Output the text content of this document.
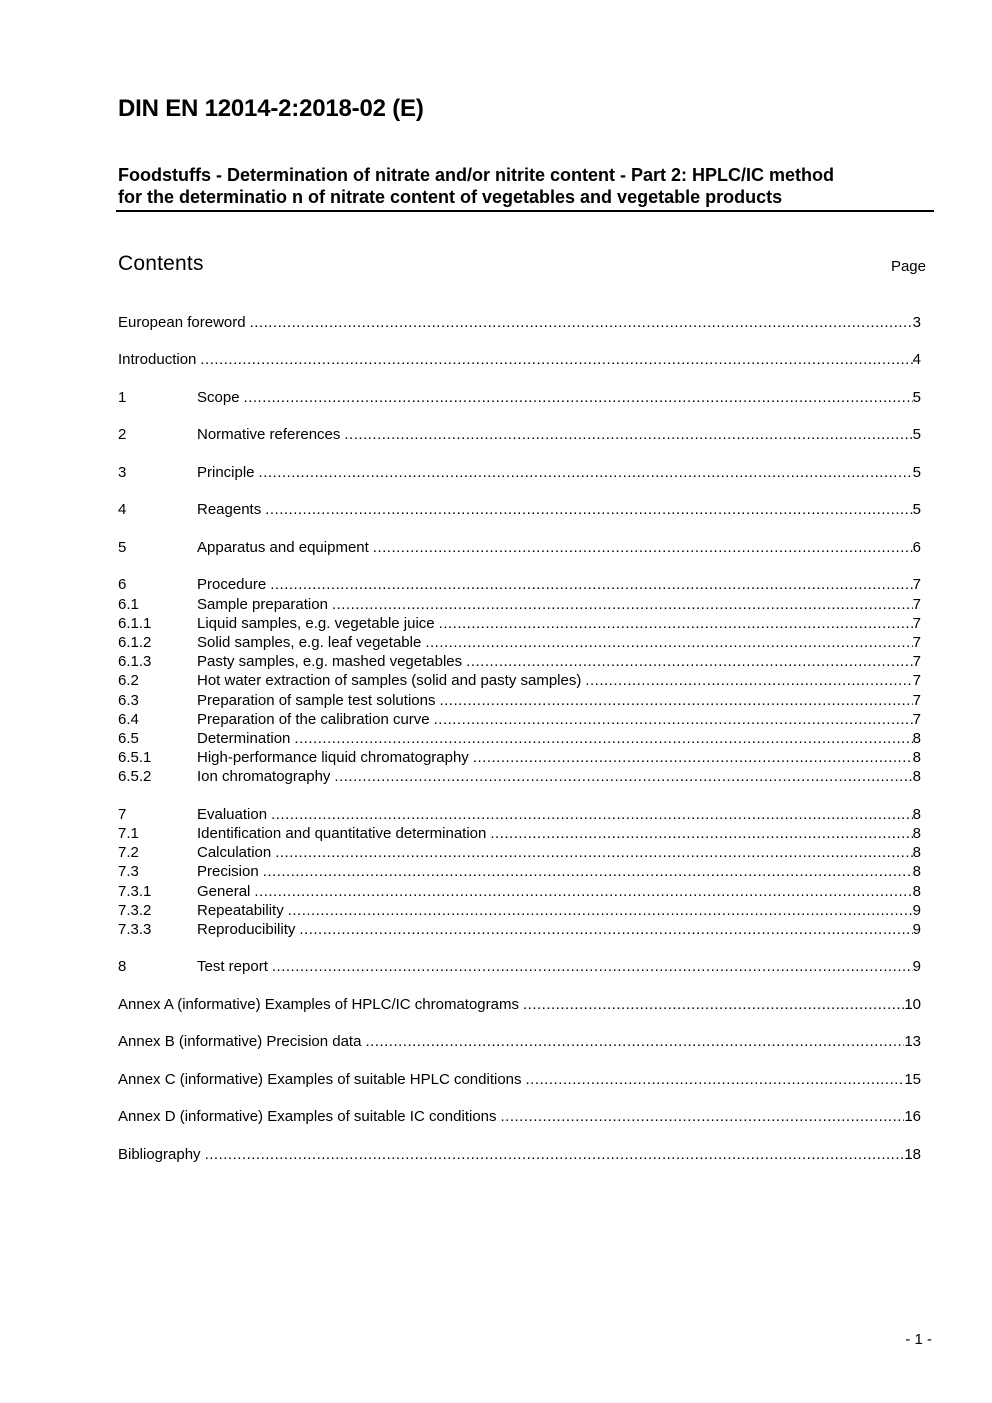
DIN EN 12014-2:2018-02 (E)
Foodstuffs - Determination of nitrate and/or nitrite content - Part 2: HPLC/IC method
for the determinatio n of nitrate content of vegetables and vegetable products
Contents	Page
European foreword .....	3
Introduction .....	4
1	Scope .....	5
2	Normative references .....	5
3	Principle .....	5
4	Reagents .....	5
5	Apparatus and equipment .....	6
6	Procedure .....	7
6.1	Sample preparation .....	7
6.1.1	Liquid samples, e.g. vegetable juice .....	7
6.1.2	Solid samples, e.g. leaf vegetable .....	7
6.1.3	Pasty samples, e.g. mashed vegetables .....	7
6.2	Hot water extraction of samples (solid and pasty samples) .....	7
6.3	Preparation of sample test solutions .....	7
6.4	Preparation of the calibration curve .....	7
6.5	Determination .....	8
6.5.1	High-performance liquid chromatography .....	8
6.5.2	Ion chromatography .....	8
7	Evaluation .....	8
7.1	Identification and quantitative determination .....	8
7.2	Calculation .....	8
7.3	Precision .....	8
7.3.1	General .....	8
7.3.2	Repeatability .....	9
7.3.3	Reproducibility .....	9
8	Test report .....	9
Annex A (informative) Examples of HPLC/IC chromatograms .....	10
Annex B (informative) Precision data .....	13
Annex C (informative) Examples of suitable HPLC conditions .....	15
Annex D (informative) Examples of suitable IC conditions .....	16
Bibliography .....	18
- 1 -
